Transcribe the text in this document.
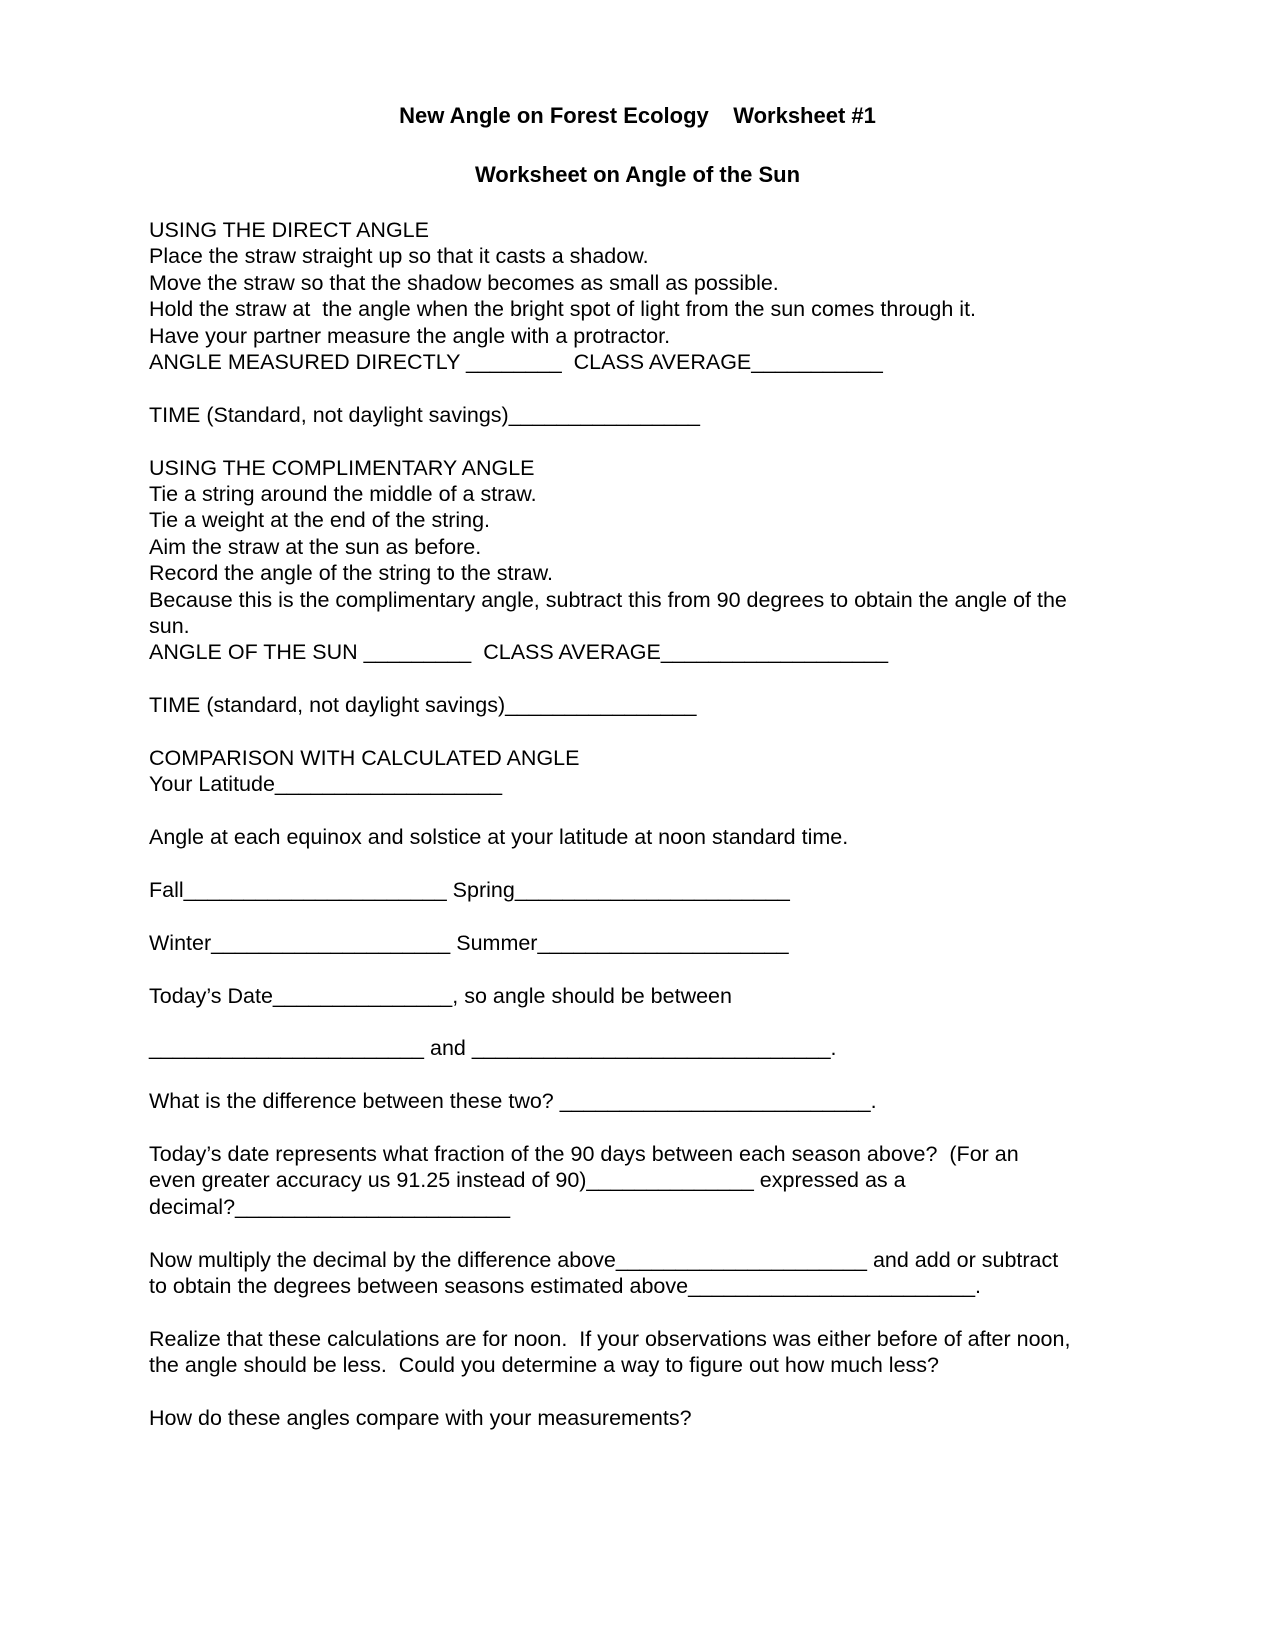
New Angle on Forest Ecology    Worksheet #1
Worksheet on Angle of the Sun
USING THE DIRECT ANGLE
Place the straw straight up so that it casts a shadow.
Move the straw so that the shadow becomes as small as possible.
Hold the straw at  the angle when the bright spot of light from the sun comes through it.
Have your partner measure the angle with a protractor.
ANGLE MEASURED DIRECTLY ________  CLASS AVERAGE___________
TIME (Standard, not daylight savings)________________
USING THE COMPLIMENTARY ANGLE
Tie a string around the middle of a straw.
Tie a weight at the end of the string.
Aim the straw at the sun as before.
Record the angle of the string to the straw.
Because this is the complimentary angle, subtract this from 90 degrees to obtain the angle of the
sun.
ANGLE OF THE SUN _________  CLASS AVERAGE___________________
TIME (standard, not daylight savings)________________
COMPARISON WITH CALCULATED ANGLE
Your Latitude___________________
Angle at each equinox and solstice at your latitude at noon standard time.
Fall______________________ Spring_______________________
Winter____________________ Summer_____________________
Today’s Date_______________, so angle should be between
_______________________ and ______________________________.
What is the difference between these two? __________________________.
Today’s date represents what fraction of the 90 days between each season above?  (For an
even greater accuracy us 91.25 instead of 90)______________ expressed as a
decimal?_______________________
Now multiply the decimal by the difference above_____________________ and add or subtract
to obtain the degrees between seasons estimated above________________________.
Realize that these calculations are for noon.  If your observations was either before of after noon,
the angle should be less.  Could you determine a way to figure out how much less?
How do these angles compare with your measurements?
